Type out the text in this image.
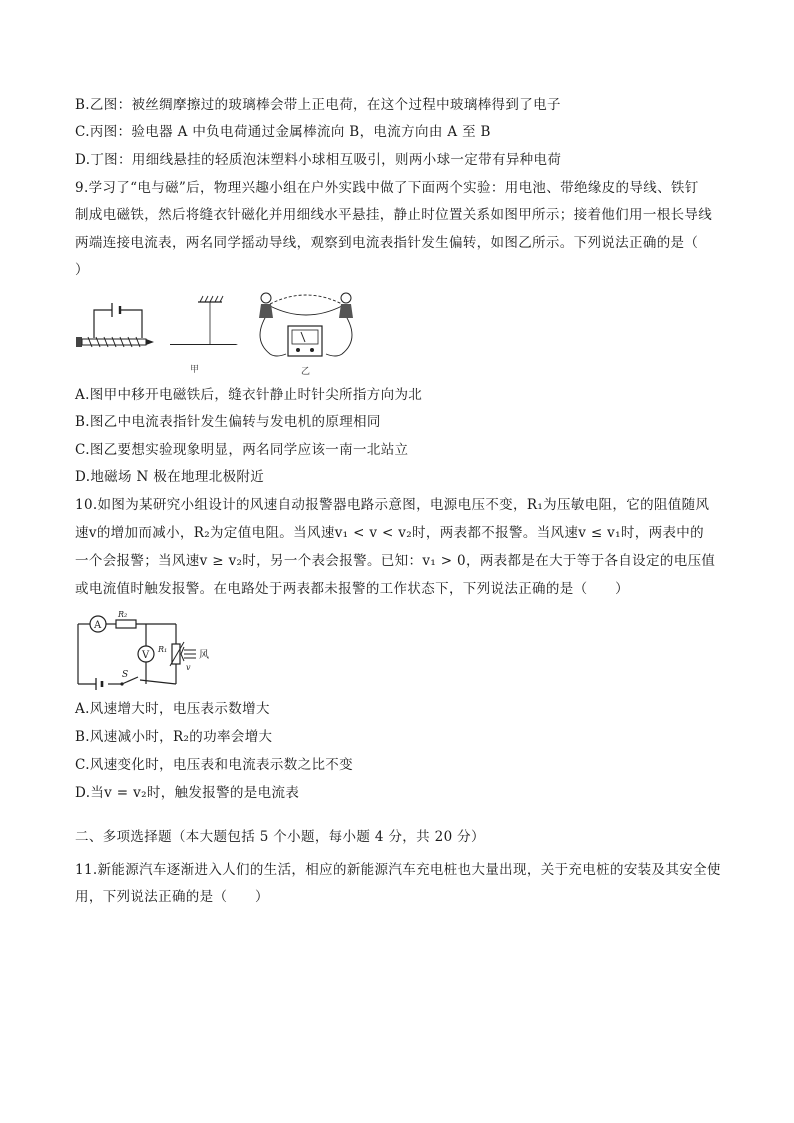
B.乙图：被丝绸摩擦过的玻璃棒会带上正电荷，在这个过程中玻璃棒得到了电子
C.丙图：验电器 A 中负电荷通过金属棒流向 B，电流方向由 A 至 B
D.丁图：用细线悬挂的轻质泡沫塑料小球相互吸引，则两小球一定带有异种电荷
9.学习了“电与磁”后，物理兴趣小组在户外实践中做了下面两个实验：用电池、带绝缘皮的导线、铁钉
制成电磁铁，然后将缝衣针磁化并用细线水平悬挂，静止时位置关系如图甲所示；接着他们用一根长导线
两端连接电流表，两名同学摇动导线，观察到电流表指针发生偏转，如图乙所示。下列说法正确的是（
）
甲	乙
A.图甲中移开电磁铁后，缝衣针静止时针尖所指方向为北
B.图乙中电流表指针发生偏转与发电机的原理相同
C.图乙要想实验现象明显，两名同学应该一南一北站立
D.地磁场 N 极在地理北极附近
10.如图为某研究小组设计的风速自动报警器电路示意图，电源电压不变，R₁为压敏电阻，它的阻值随风
速v的增加而减小，R₂为定值电阻。当风速v₁ < v < v₂时，两表都不报警。当风速v ≤ v₁时，两表中的
一个会报警；当风速v ≥ v₂时，另一个表会报警。已知：v₁ > 0，两表都是在大于等于各自设定的电压值
或电流值时触发报警。在电路处于两表都未报警的工作状态下，下列说法正确的是（　　）
S
A
R₂
V
R₁
风
v
A.风速增大时，电压表示数增大
B.风速减小时，R₂的功率会增大
C.风速变化时，电压表和电流表示数之比不变
D.当v = v₂时，触发报警的是电流表
二、多项选择题（本大题包括 5 个小题，每小题 4 分，共 20 分）
11.新能源汽车逐渐进入人们的生活，相应的新能源汽车充电桩也大量出现，关于充电桩的安装及其安全使
用，下列说法正确的是（　　）
